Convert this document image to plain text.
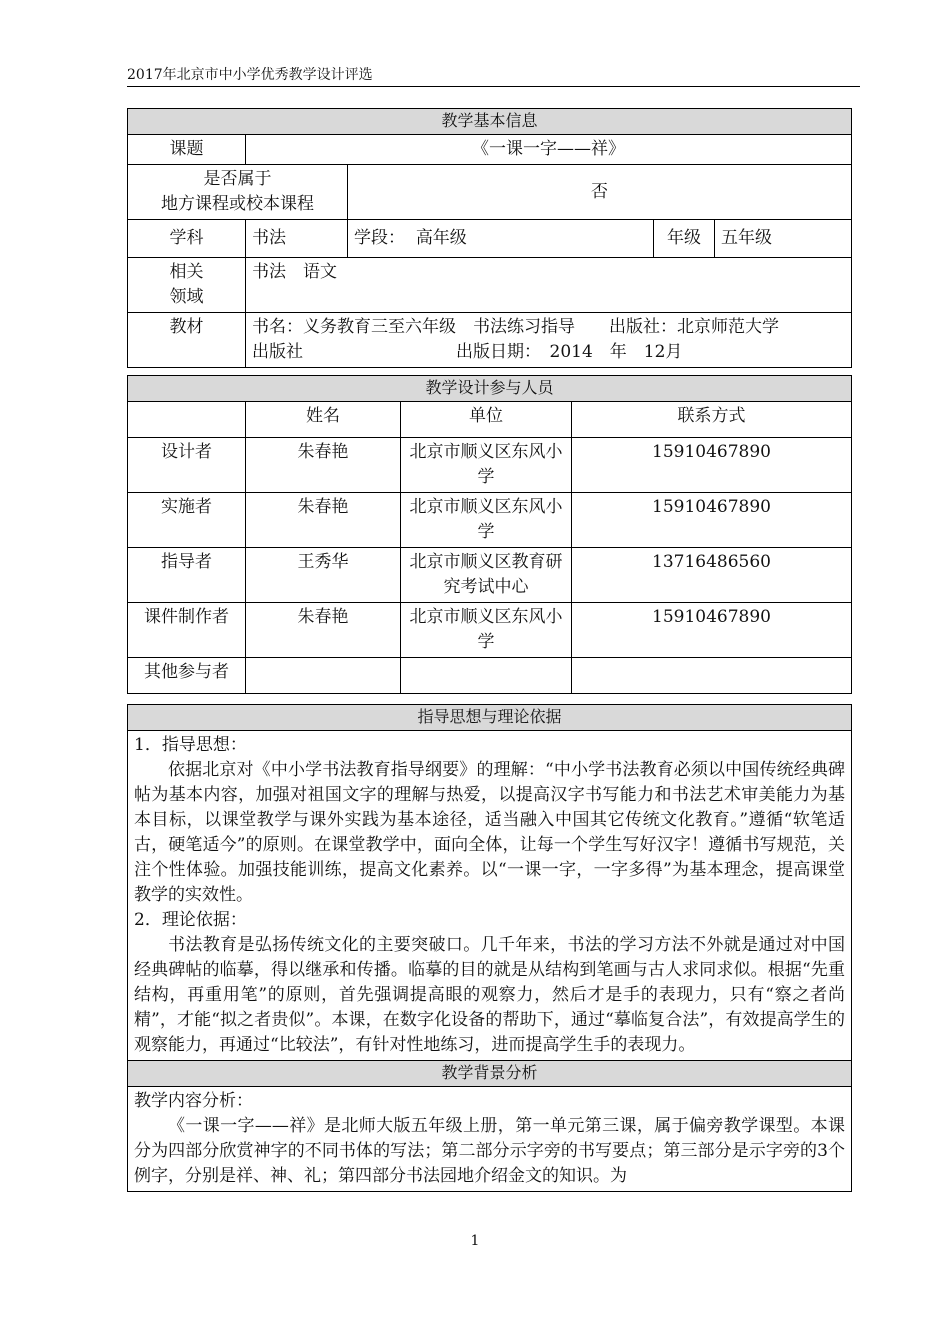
2017年北京市中小学优秀教学设计评选
教学基本信息				
课题	《一课一字——祥》			

是否属于
地方课程或校本课程		否		
学科	书法	学段： 高年级	年级	五年级

相关
领域	书法　语文			
教材	书名：义务教育三至六年级　书法练习指导　　出版社：北京师范大学
出版社　　　　　　　　　出版日期：　2014　年　12月			
教学设计参与人员			
	姓名	单位	联系方式
设计者	朱春艳	北京市顺义区东风小学	15910467890
实施者	朱春艳	北京市顺义区东风小学	15910467890
指导者	王秀华	北京市顺义区教育研究考试中心	13716486560
课件制作者	朱春艳	北京市顺义区东风小学	15910467890
其他参与者			
指导思想与理论依据

1．指导思想：

依据北京对《中小学书法教育指导纲要》的理解：“中小学书法教育必须以中国传统经典碑帖为基本内容，加强对祖国文字的理解与热爱，以提高汉字书写能力和书法艺术审美能力为基本目标，以课堂教学与课外实践为基本途径，适当融入中国其它传统文化教育。”遵循“软笔适古，硬笔适今”的原则。在课堂教学中，面向全体，让每一个学生写好汉字！遵循书写规范，关注个性体验。加强技能训练，提高文化素养。以“一课一字，一字多得”为基本理念，提高课堂教学的实效性。

2．理论依据：

书法教育是弘扬传统文化的主要突破口。几千年来，书法的学习方法不外就是通过对中国经典碑帖的临摹，得以继承和传播。临摹的目的就是从结构到笔画与古人求同求似。根据“先重结构，再重用笔”的原则，首先强调提高眼的观察力，然后才是手的表现力，只有“察之者尚精”，才能“拟之者贵似”。本课，在数字化设备的帮助下，通过“摹临复合法”，有效提高学生的观察能力，再通过“比较法”，有针对性地练习，进而提高学生手的表现力。

教学背景分析

教学内容分析：

《一课一字——祥》是北师大版五年级上册，第一单元第三课，属于偏旁教学课型。本课分为四部分欣赏神字的不同书体的写法；第二部分示字旁的书写要点；第三部分是示字旁的3个例字，分别是祥、神、礼；第四部分书法园地介绍金文的知识。为

1
